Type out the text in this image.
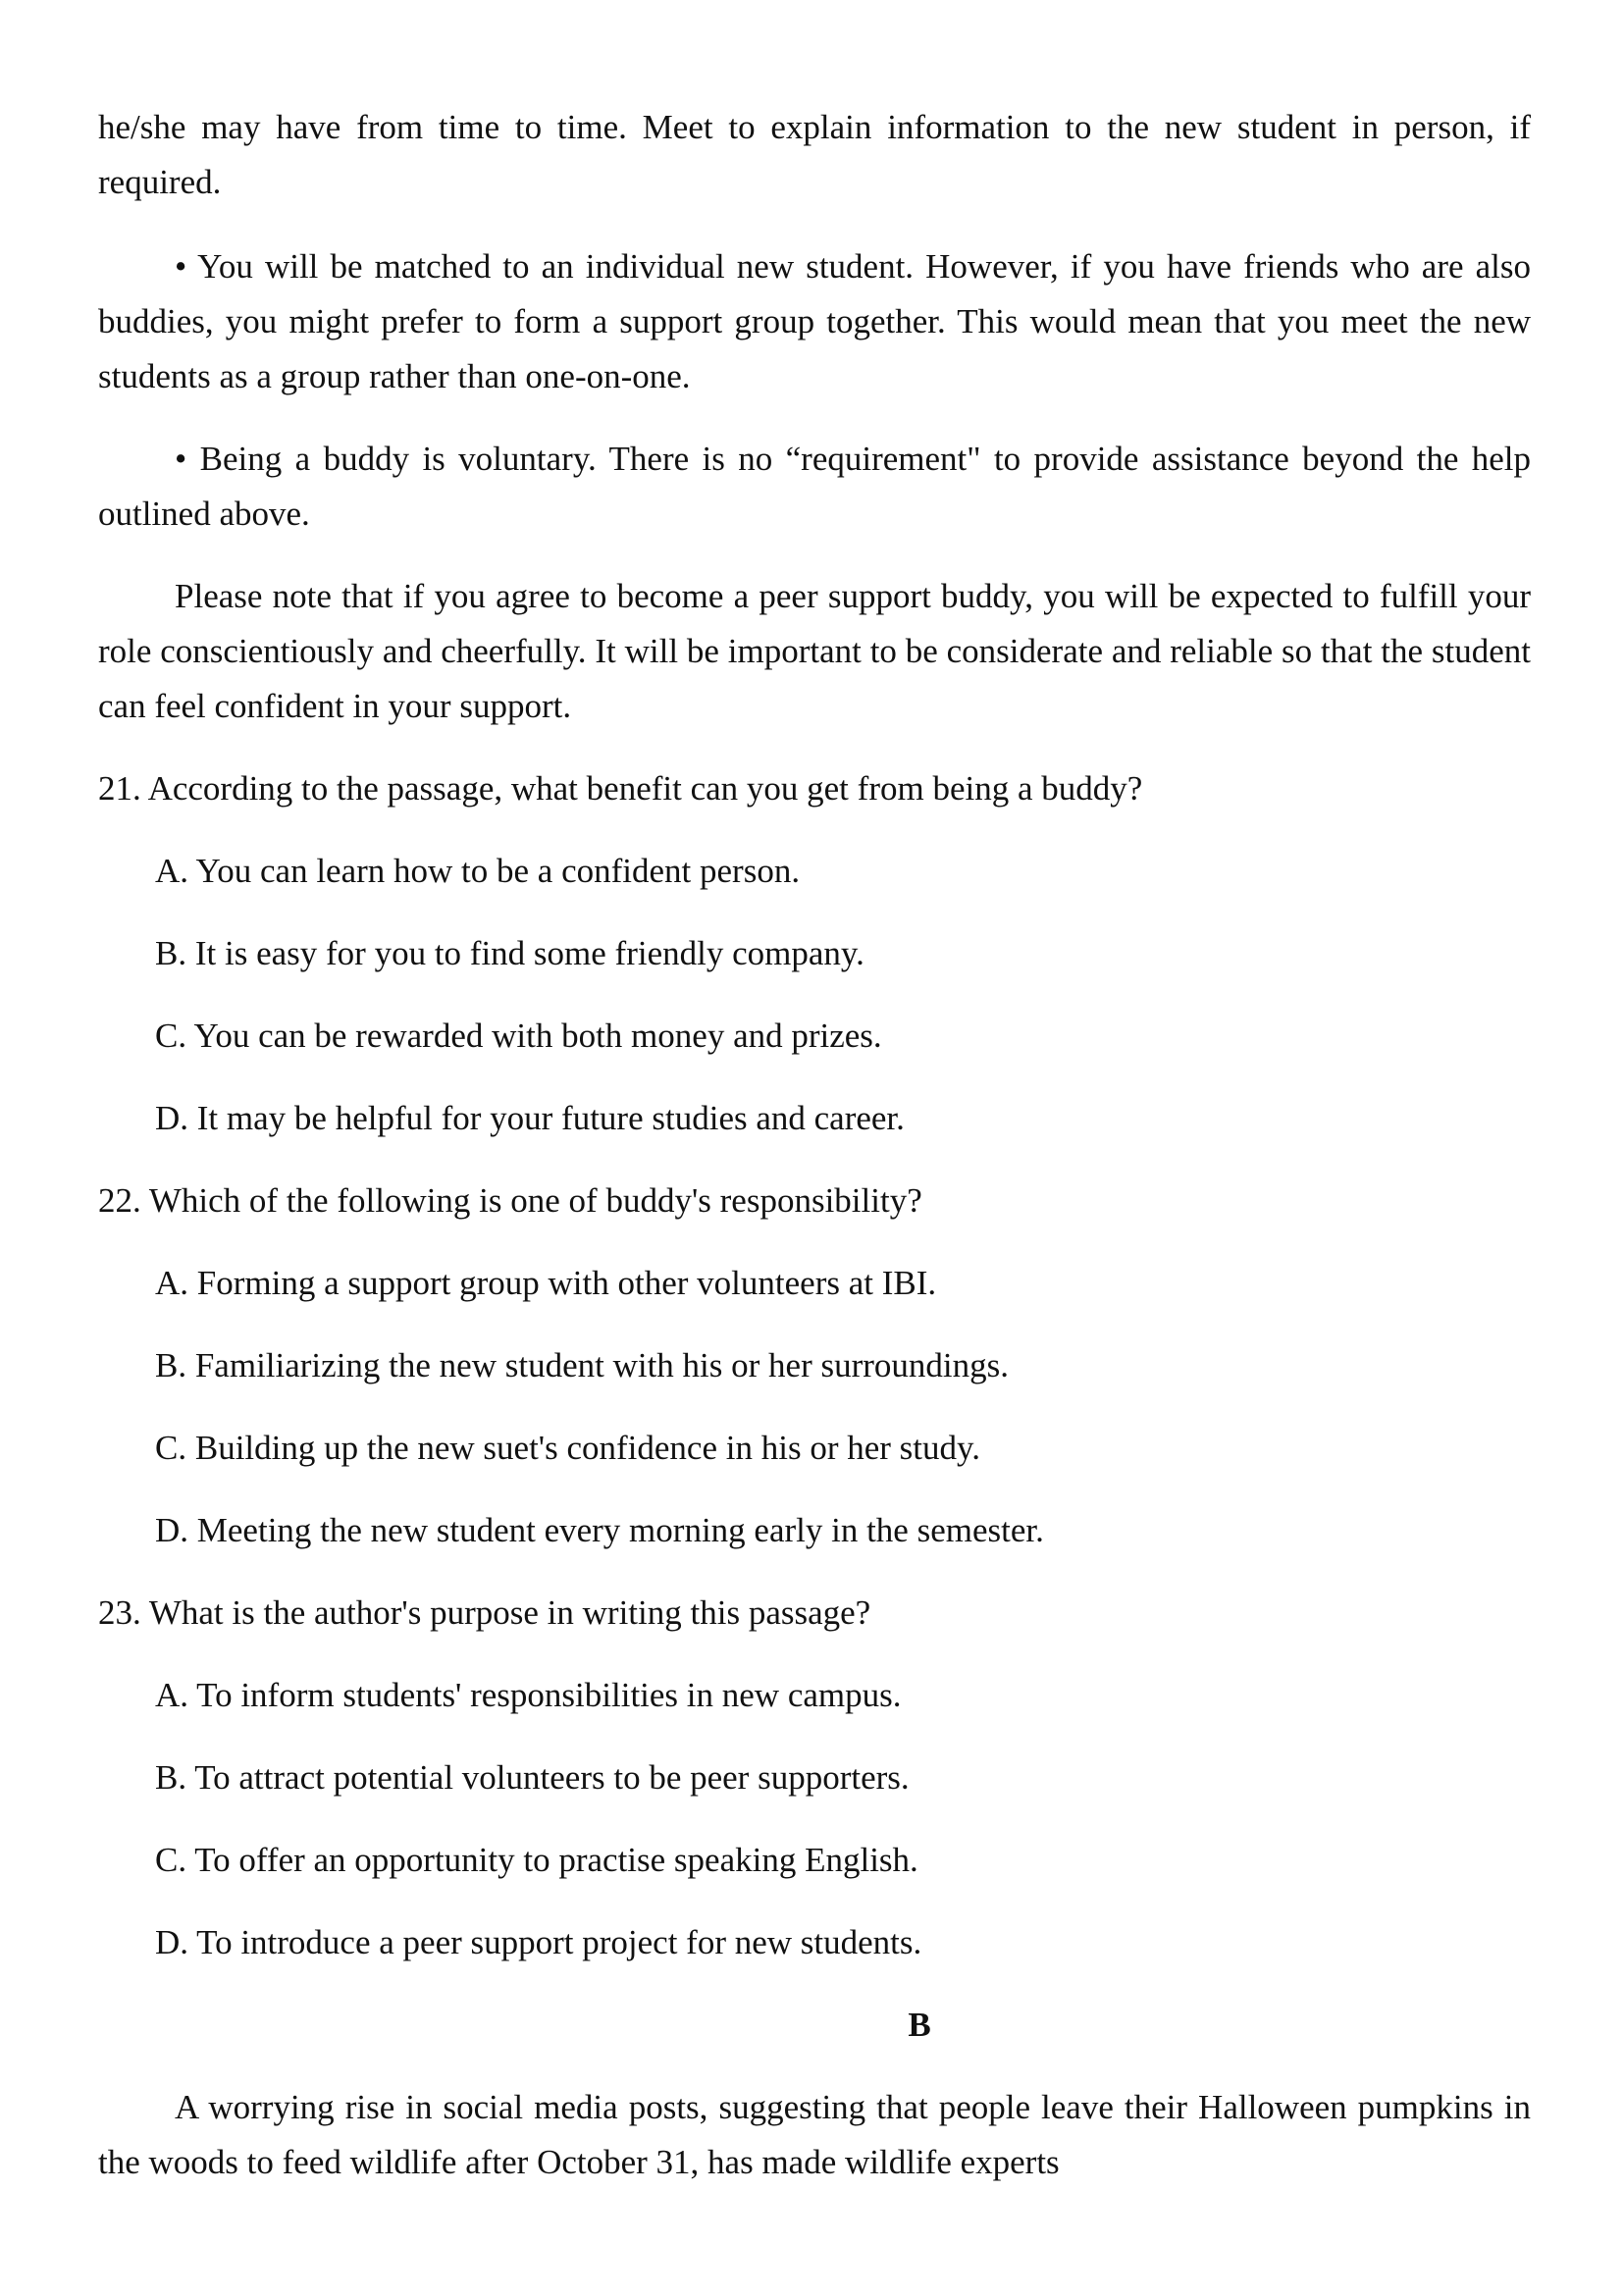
he/she may have from time to time. Meet to explain information to the new student in person, if required.

• You will be matched to an individual new student. However, if you have friends who are also buddies, you might prefer to form a support group together. This would mean that you meet the new students as a group rather than one-on-one.

• Being a buddy is voluntary. There is no “requirement" to provide assistance beyond the help outlined above.

Please note that if you agree to become a peer support buddy, you will be expected to fulfill your role conscientiously and cheerfully. It will be important to be considerate and reliable so that the student can feel confident in your support.

21. According to the passage, what benefit can you get from being a buddy?

A. You can learn how to be a confident person.

B. It is easy for you to find some friendly company.

C. You can be rewarded with both money and prizes.

D. It may be helpful for your future studies and career.

22. Which of the following is one of buddy's responsibility?

A. Forming a support group with other volunteers at IBI.

B. Familiarizing the new student with his or her surroundings.

C. Building up the new suet's confidence in his or her study.

D. Meeting the new student every morning early in the semester.

23. What is the author's purpose in writing this passage?

A. To inform students' responsibilities in new campus.

B. To attract potential volunteers to be peer supporters.

C. To offer an opportunity to practise speaking English.

D. To introduce a peer support project for new students.

B

A worrying rise in social media posts, suggesting that people leave their Halloween pumpkins in the woods to feed wildlife after October 31, has made wildlife experts
